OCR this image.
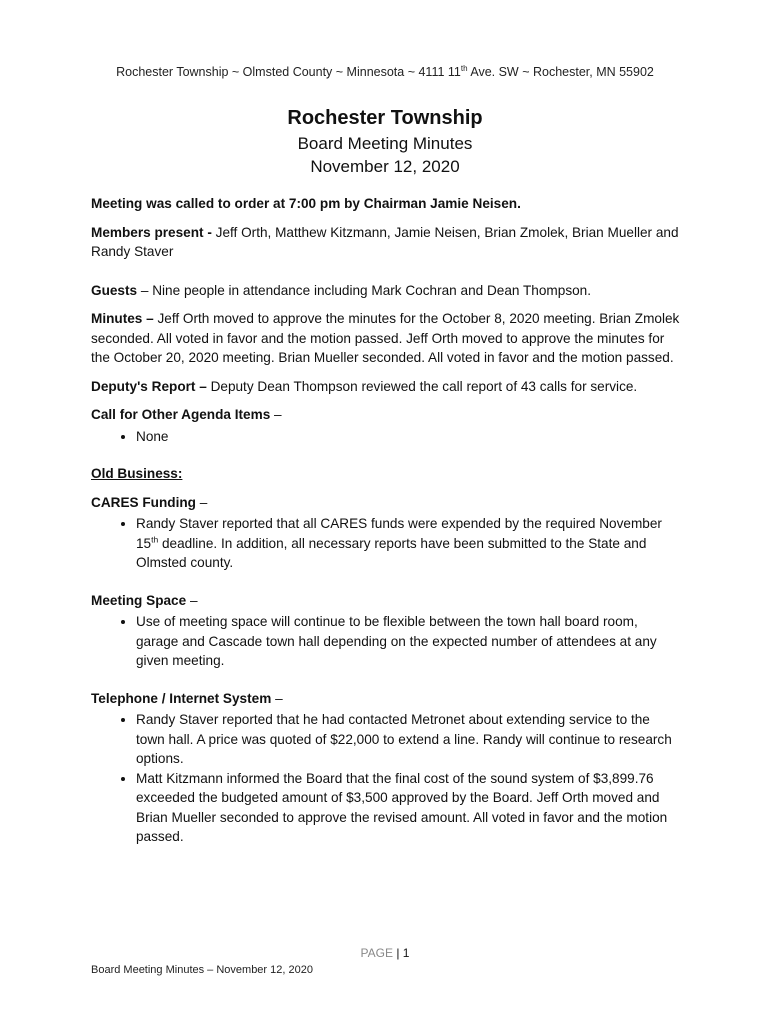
Rochester Township ~ Olmsted County ~ Minnesota ~ 4111 11th Ave. SW ~ Rochester, MN 55902

Rochester Township

Board Meeting Minutes

November 12, 2020

Meeting was called to order at 7:00 pm by Chairman Jamie Neisen.

Members present - Jeff Orth, Matthew Kitzmann, Jamie Neisen, Brian Zmolek, Brian Mueller and Randy Staver

Guests – Nine people in attendance including Mark Cochran and Dean Thompson.

Minutes – Jeff Orth moved to approve the minutes for the October 8, 2020 meeting. Brian Zmolek seconded. All voted in favor and the motion passed. Jeff Orth moved to approve the minutes for the October 20, 2020 meeting. Brian Mueller seconded. All voted in favor and the motion passed.

Deputy's Report – Deputy Dean Thompson reviewed the call report of 43 calls for service.

Call for Other Agenda Items –

• None

Old Business:

CARES Funding –

• Randy Staver reported that all CARES funds were expended by the required November 15th deadline. In addition, all necessary reports have been submitted to the State and Olmsted county.

Meeting Space –

• Use of meeting space will continue to be flexible between the town hall board room, garage and Cascade town hall depending on the expected number of attendees at any given meeting.

Telephone / Internet System –

• Randy Staver reported that he had contacted Metronet about extending service to the town hall. A price was quoted of $22,000 to extend a line. Randy will continue to research options.
• Matt Kitzmann informed the Board that the final cost of the sound system of $3,899.76 exceeded the budgeted amount of $3,500 approved by the Board. Jeff Orth moved and Brian Mueller seconded to approve the revised amount. All voted in favor and the motion passed.
PAGE | 1
Board Meeting Minutes – November 12, 2020
